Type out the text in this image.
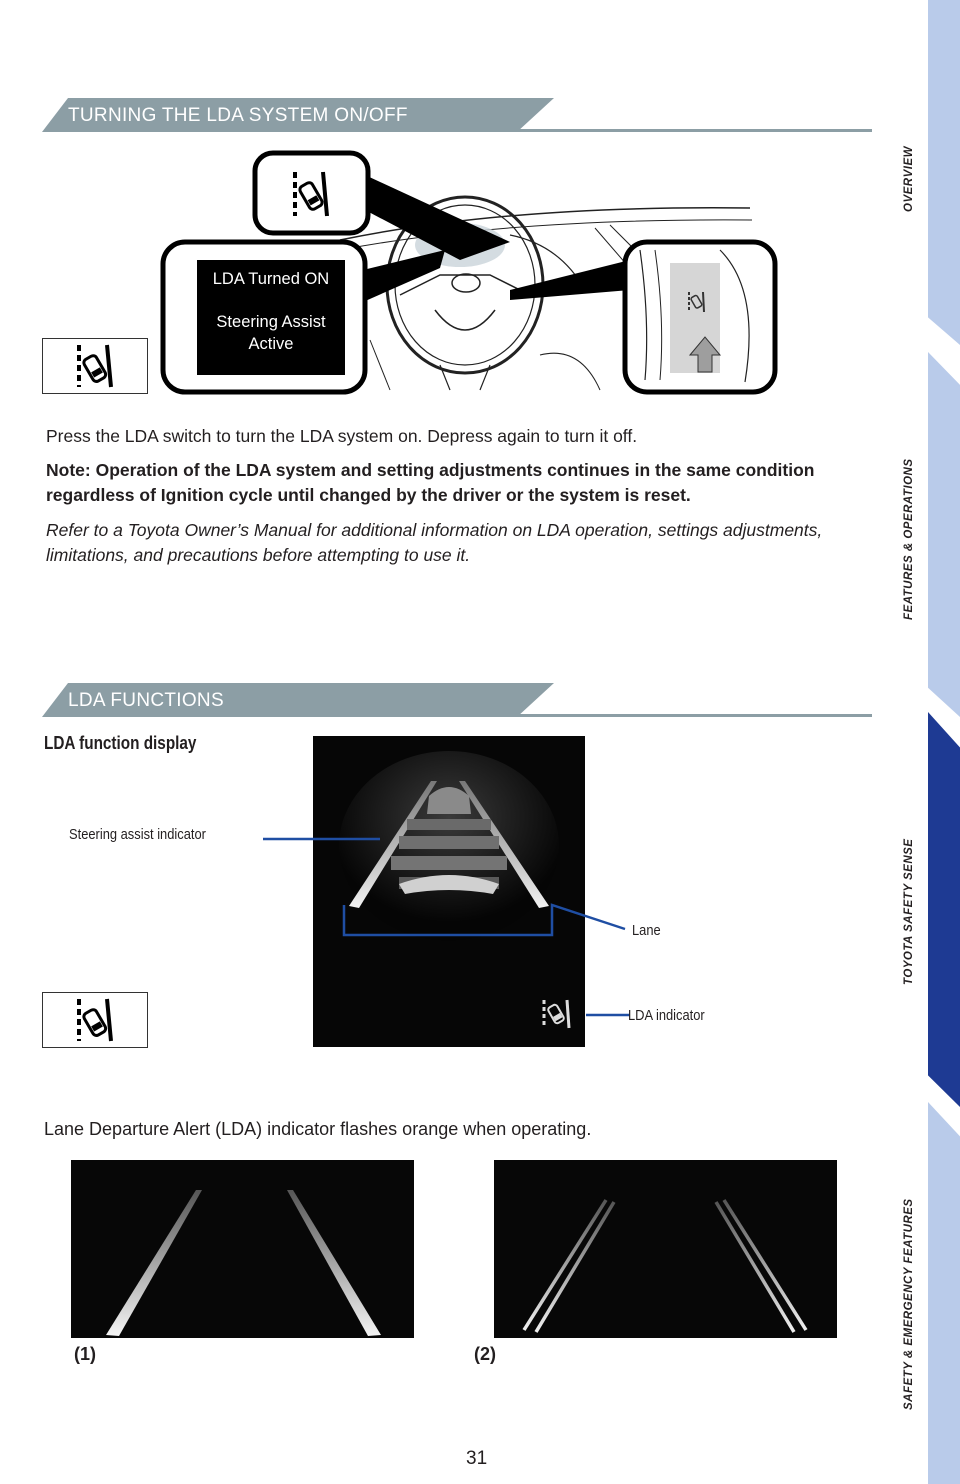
OVERVIEW
FEATURES & OPERATIONS
TOYOTA SAFETY SENSE
SAFETY & EMERGENCY FEATURES
TURNING THE LDA SYSTEM ON/OFF
LDA Turned ON
Steering Assist
Active

Press the LDA switch to turn the LDA system on. Depress again to turn it off.

Note: Operation of the LDA system and setting adjustments continues in the same condition regardless of Ignition cycle until changed by the driver or the system is reset.

Refer to a Toyota Owner’s Manual for additional information on LDA operation, settings adjustments, limitations, and precautions before attempting to use it.

LDA FUNCTIONS
LDA function display
Steering assist indicator
Lane
LDA indicator
Lane Departure Alert (LDA) indicator flashes orange when operating.
(1)	(2)
31
